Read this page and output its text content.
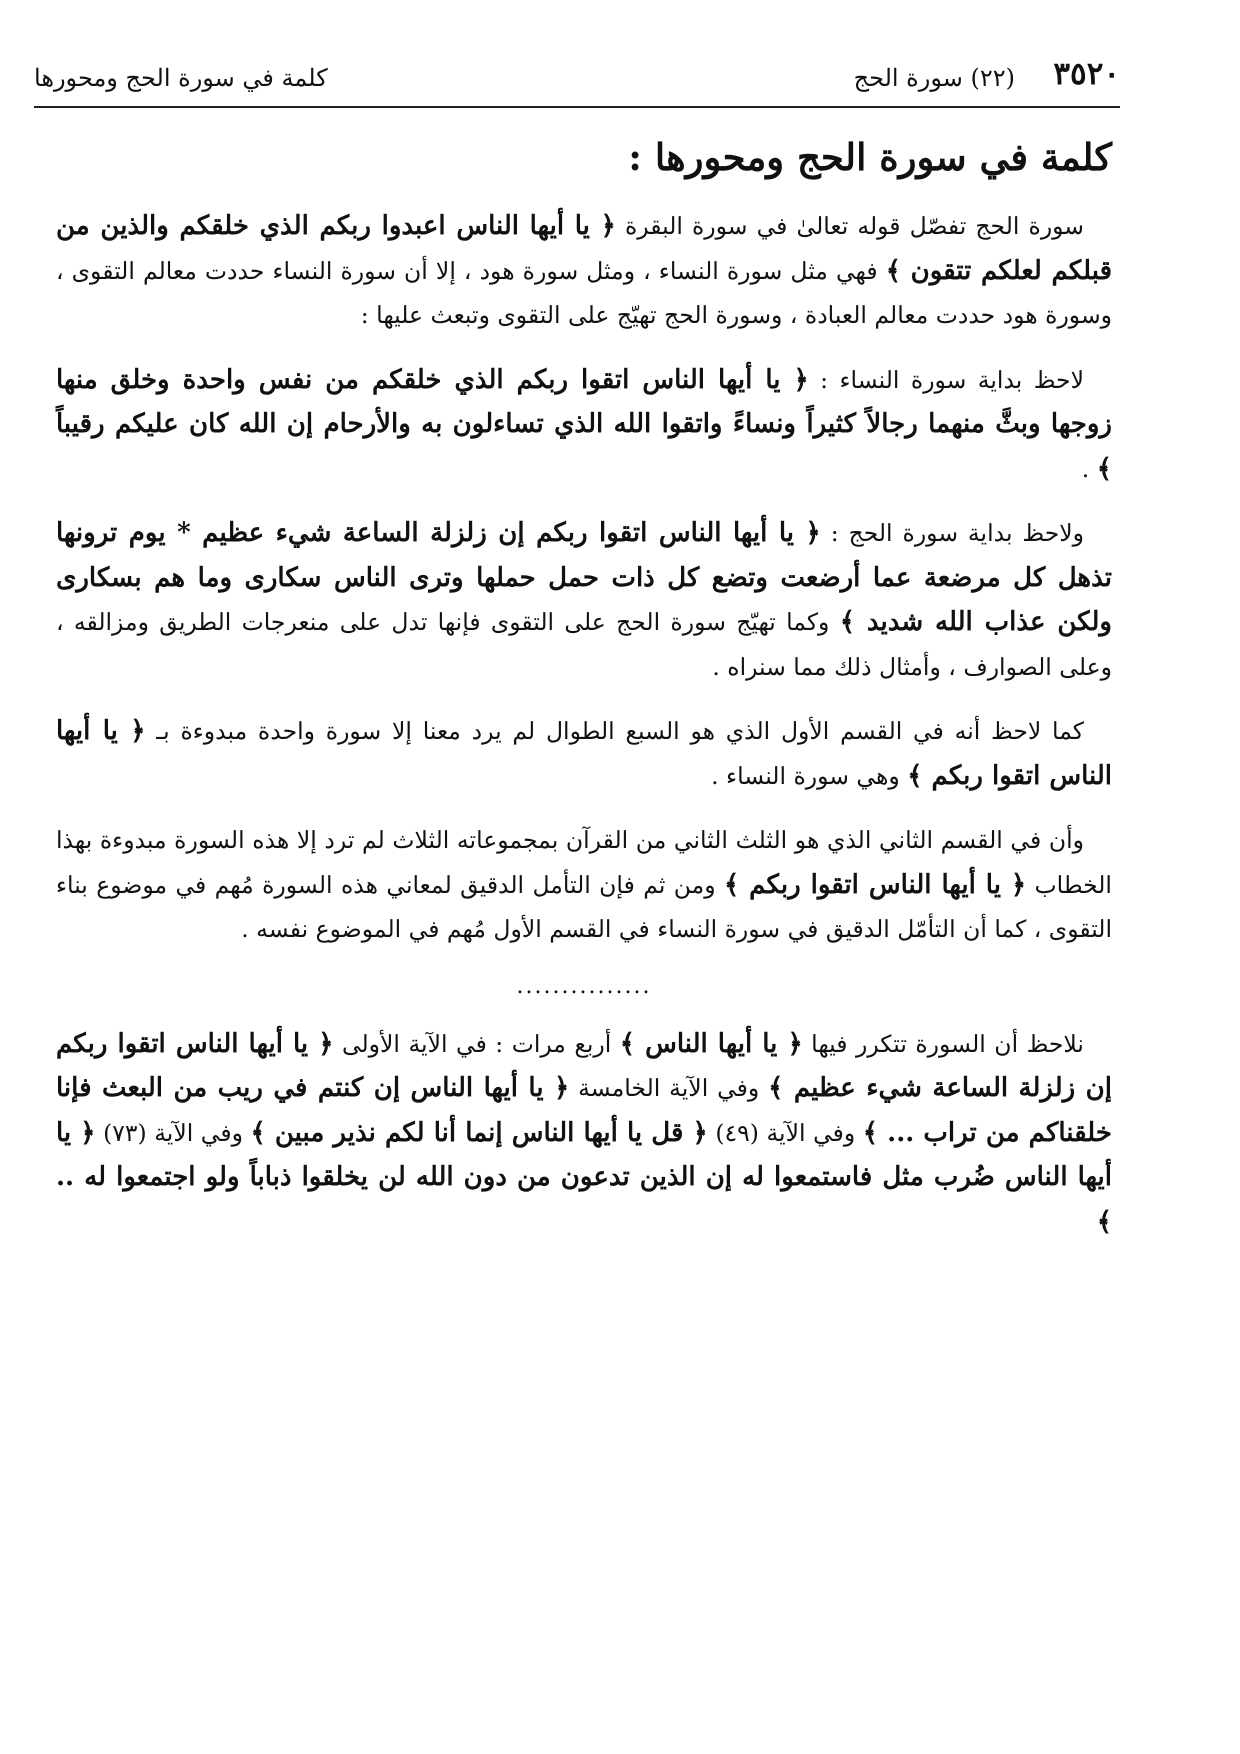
٣٥٢٠
(٢٢) سورة الحج
كلمة في سورة الحج ومحورها
كلمة في سورة الحج ومحورها :

سورة الحج تفصّل قوله تعالىٰ في سورة البقرة ﴿ يا أيها الناس اعبدوا ربكم الذي خلقكم والذين من قبلكم لعلكم تتقون ﴾ فهي مثل سورة النساء ، ومثل سورة هود ، إلا أن سورة النساء حددت معالم التقوى ، وسورة هود حددت معالم العبادة ، وسورة الحج تهيّج على التقوى وتبعث عليها :

لاحظ بداية سورة النساء : ﴿ يا أيها الناس اتقوا ربكم الذي خلقكم من نفس واحدة وخلق منها زوجها وبثَّ منهما رجالاً كثيراً ونساءً واتقوا الله الذي تساءلون به والأرحام إن الله كان عليكم رقيباً ﴾ .

ولاحظ بداية سورة الحج : ﴿ يا أيها الناس اتقوا ربكم إن زلزلة الساعة شيء عظيم * يوم ترونها تذهل كل مرضعة عما أرضعت وتضع كل ذات حمل حملها وترى الناس سكارى وما هم بسكارى ولكن عذاب الله شديد ﴾ وكما تهيّج سورة الحج على التقوى فإنها تدل على منعرجات الطريق ومزالقه ، وعلى الصوارف ، وأمثال ذلك مما سنراه .

كما لاحظ أنه في القسم الأول الذي هو السبع الطوال لم يرد معنا إلا سورة واحدة مبدوءة بـ ﴿ يا أيها الناس اتقوا ربكم ﴾ وهي سورة النساء .

وأن في القسم الثاني الذي هو الثلث الثاني من القرآن بمجموعاته الثلاث لم ترد إلا هذه السورة مبدوءة بهذا الخطاب ﴿ يا أيها الناس اتقوا ربكم ﴾ ومن ثم فإن التأمل الدقيق لمعاني هذه السورة مُهم في موضوع بناء التقوى ، كما أن التأمّل الدقيق في سورة النساء في القسم الأول مُهم في الموضوع نفسه .

...............

نلاحظ أن السورة تتكرر فيها ﴿ يا أيها الناس ﴾ أربع مرات : في الآية الأولى ﴿ يا أيها الناس اتقوا ربكم إن زلزلة الساعة شيء عظيم ﴾ وفي الآية الخامسة ﴿ يا أيها الناس إن كنتم في ريب من البعث فإنا خلقناكم من تراب ... ﴾ وفي الآية (٤٩) ﴿ قل يا أيها الناس إنما أنا لكم نذير مبين ﴾ وفي الآية (٧٣) ﴿ يا أيها الناس ضُرب مثل فاستمعوا له إن الذين تدعون من دون الله لن يخلقوا ذباباً ولو اجتمعوا له .. ﴾
